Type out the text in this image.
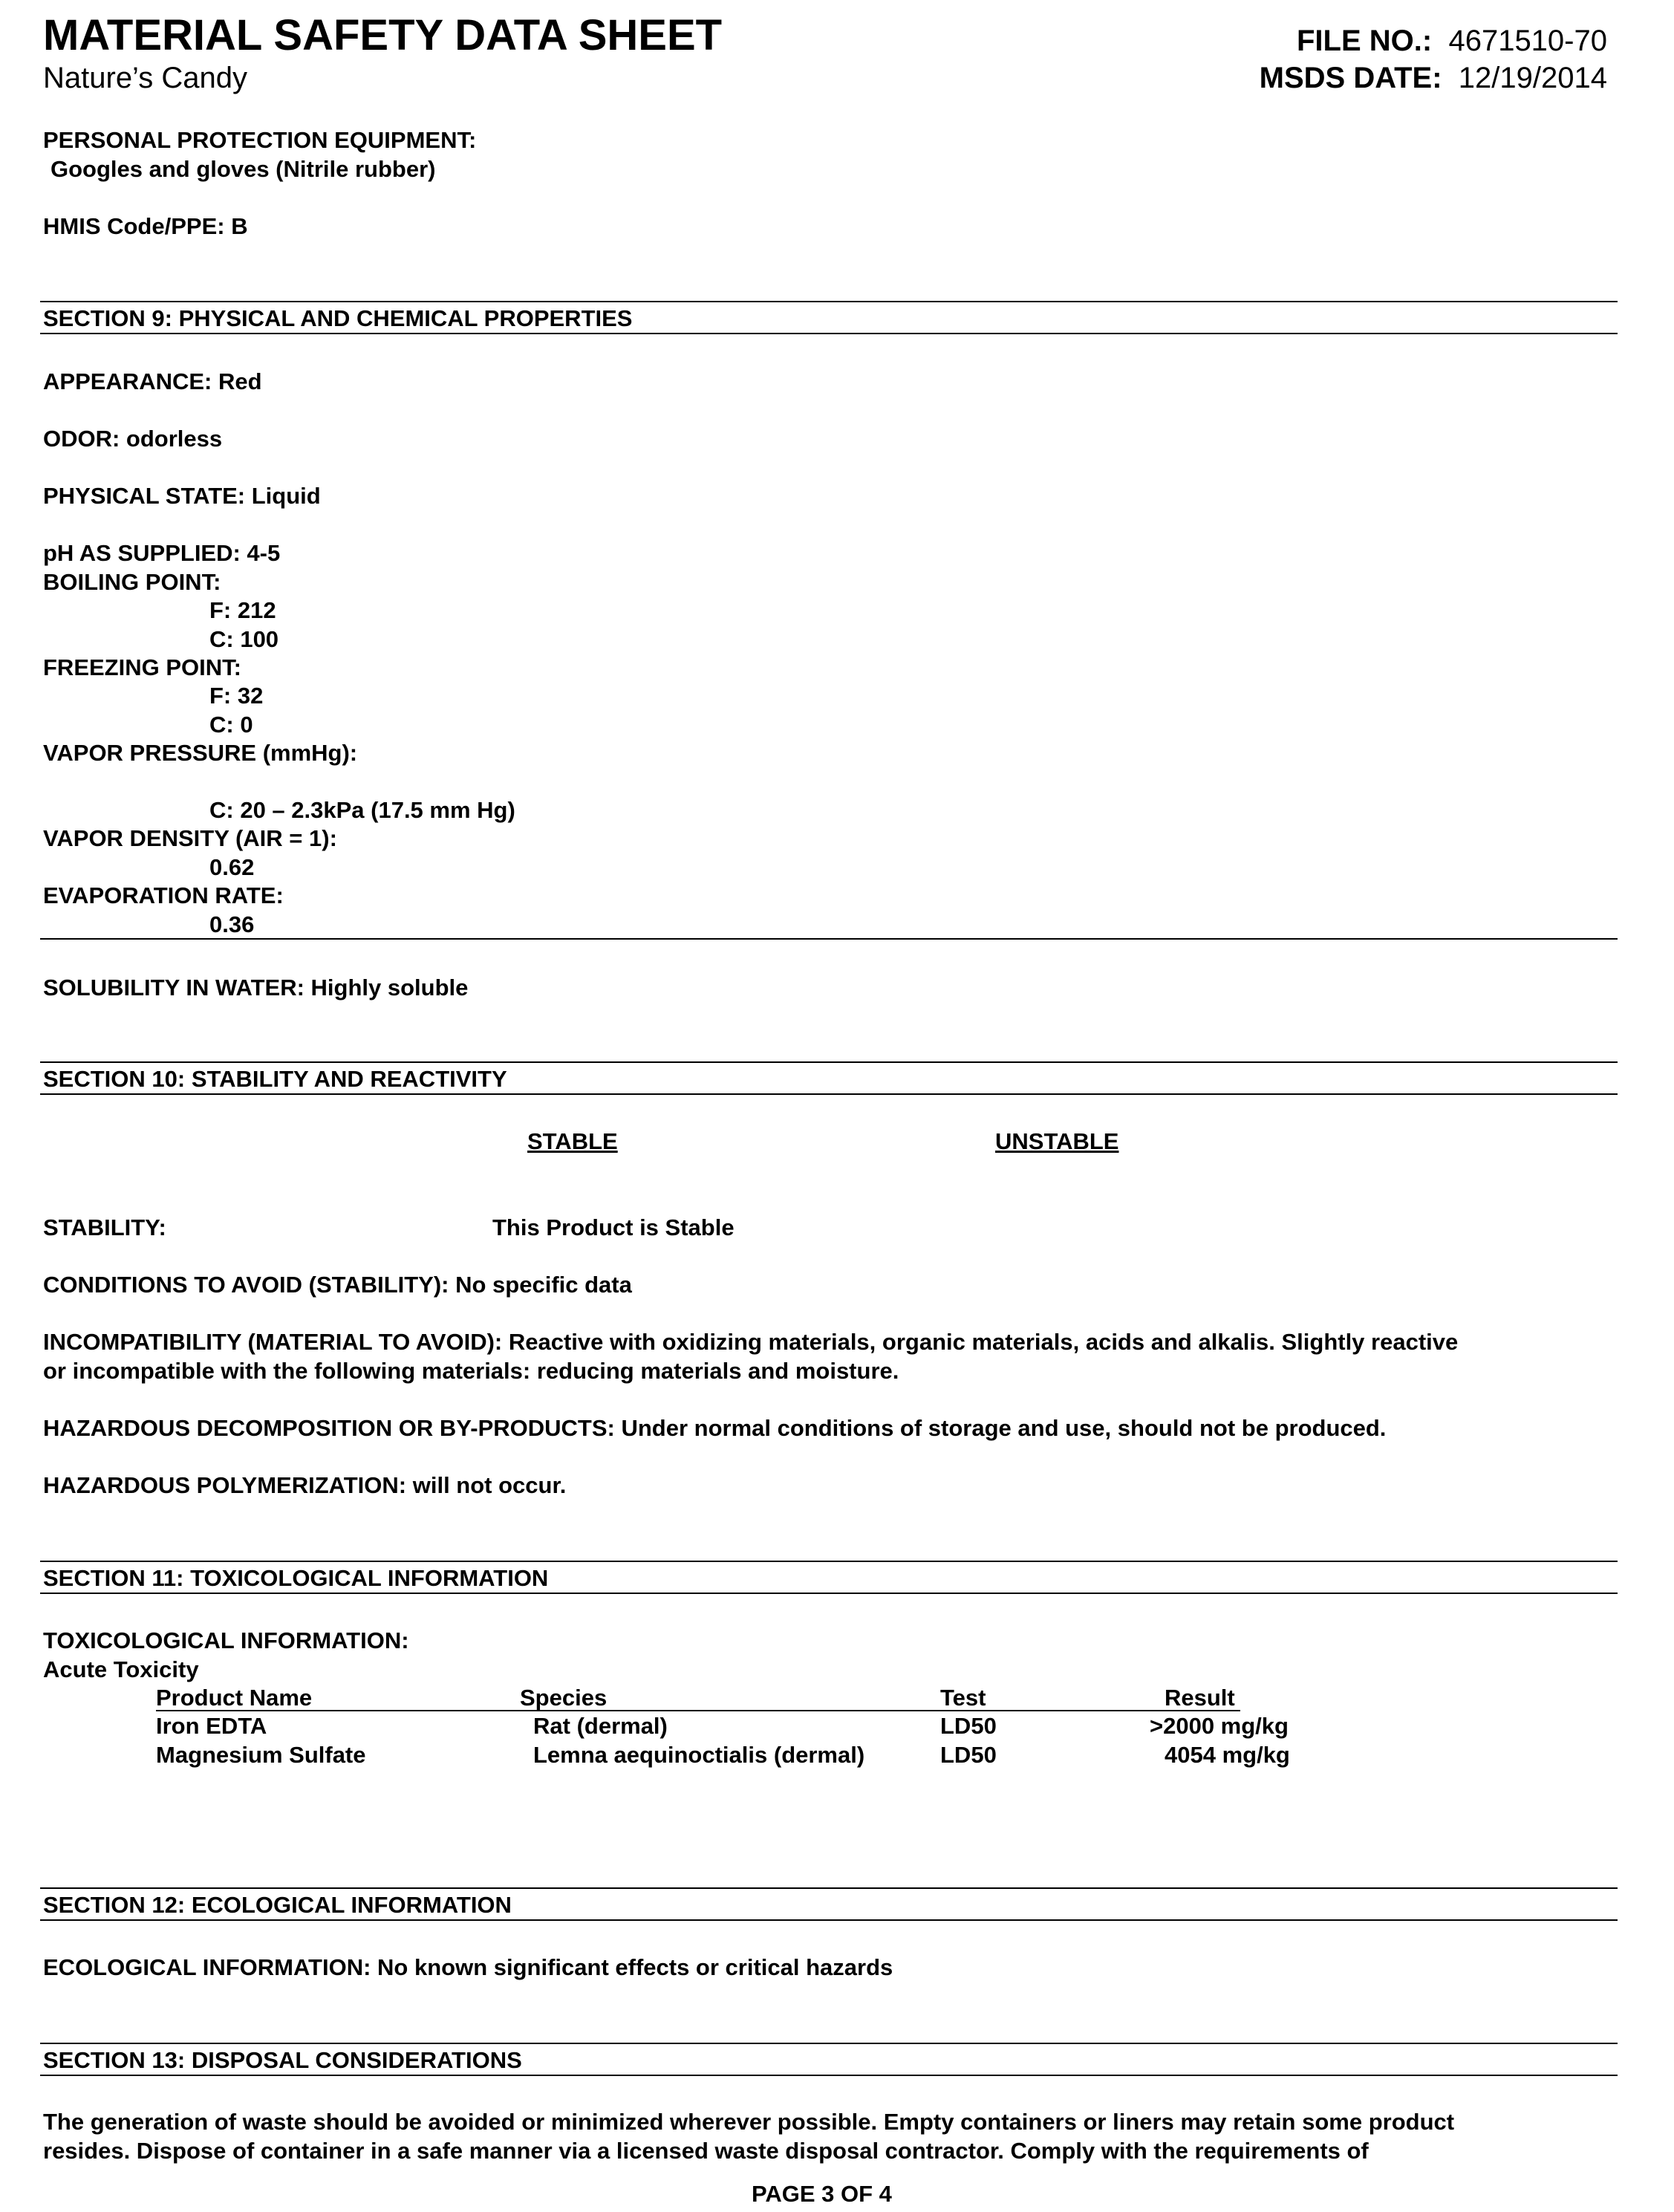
MATERIAL SAFETY DATA SHEET
Nature’s Candy
FILE NO.: 4671510-70
MSDS DATE: 12/19/2014
PERSONAL PROTECTION EQUIPMENT:
Googles and gloves (Nitrile rubber)
HMIS Code/PPE: B
SECTION 9: PHYSICAL AND CHEMICAL PROPERTIES
APPEARANCE: Red
ODOR: odorless
PHYSICAL STATE: Liquid
pH AS SUPPLIED: 4-5
BOILING POINT:
F: 212
C: 100
FREEZING POINT:
F: 32
C: 0
VAPOR PRESSURE (mmHg):
C: 20 – 2.3kPa (17.5 mm Hg)
VAPOR DENSITY (AIR = 1):
0.62
EVAPORATION RATE:
0.36
SOLUBILITY IN WATER: Highly soluble
SECTION 10: STABILITY AND REACTIVITY
STABLE	UNSTABLE
STABILITY:	This Product is Stable
CONDITIONS TO AVOID (STABILITY): No specific data
INCOMPATIBILITY (MATERIAL TO AVOID): Reactive with oxidizing materials, organic materials, acids and alkalis. Slightly reactive
or incompatible with the following materials: reducing materials and moisture.
HAZARDOUS DECOMPOSITION OR BY-PRODUCTS: Under normal conditions of storage and use, should not be produced.
HAZARDOUS POLYMERIZATION: will not occur.
SECTION 11: TOXICOLOGICAL INFORMATION
TOXICOLOGICAL INFORMATION:
Acute Toxicity
Product Name	Species	Test	Result
Iron EDTA	Rat (dermal)	LD50	>2000 mg/kg
Magnesium Sulfate	Lemna aequinoctialis (dermal)	LD50	4054 mg/kg
SECTION 12: ECOLOGICAL INFORMATION
ECOLOGICAL INFORMATION: No known significant effects or critical hazards
SECTION 13: DISPOSAL CONSIDERATIONS
The generation of waste should be avoided or minimized wherever possible. Empty containers or liners may retain some product
resides. Dispose of container in a safe manner via a licensed waste disposal contractor. Comply with the requirements of
PAGE 3 OF 4
